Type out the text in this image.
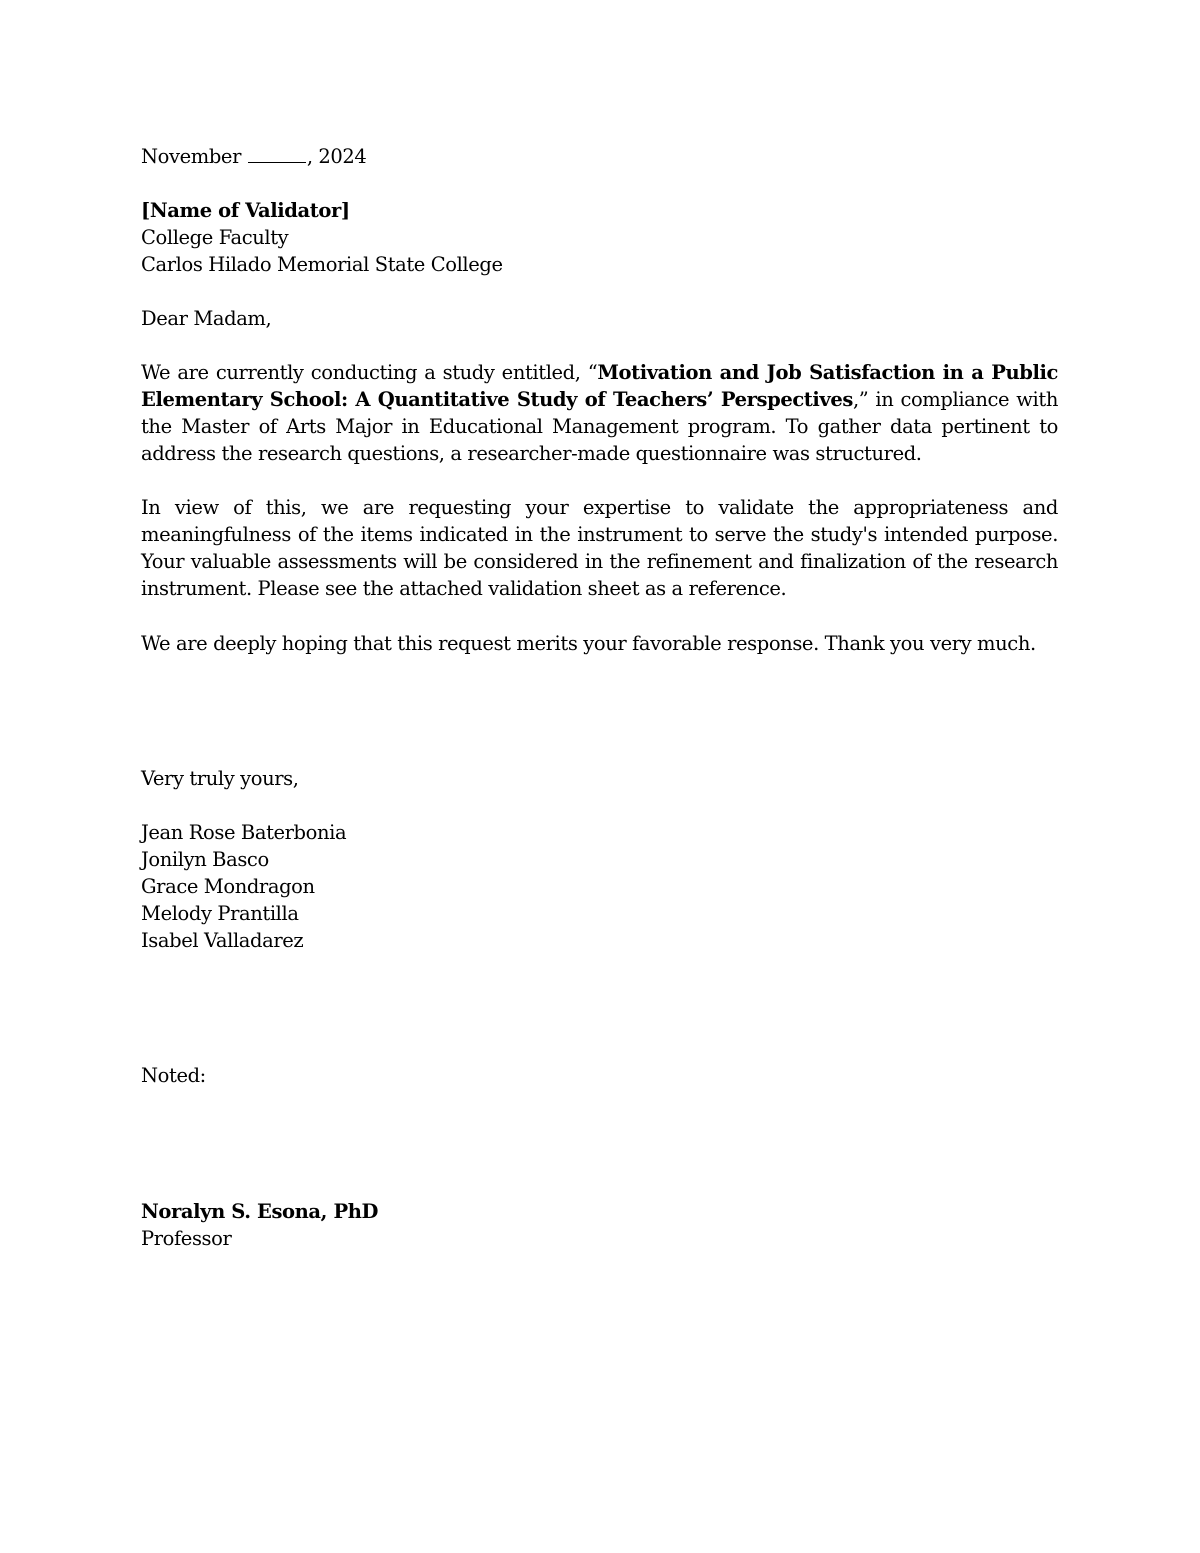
November	, 2024
[Name of Validator]
College Faculty
Carlos Hilado Memorial State College
Dear Madam,
We are currently conducting a study entitled, “Motivation and Job Satisfaction in a Public Elementary School: A Quantitative Study of Teachers’ Perspectives,” in compliance with the Master of Arts Major in Educational Management program. To gather data pertinent to address the research questions, a researcher-made questionnaire was structured.
In view of this, we are requesting your expertise to validate the appropriateness and meaningfulness of the items indicated in the instrument to serve the study's intended purpose. Your valuable assessments will be considered in the refinement and finalization of the research instrument. Please see the attached validation sheet as a reference.
We are deeply hoping that this request merits your favorable response. Thank you very much.
Very truly yours,
Jean Rose Baterbonia
Jonilyn Basco
Grace Mondragon
Melody Prantilla
Isabel Valladarez
Noted:
Noralyn S. Esona, PhD
Professor
